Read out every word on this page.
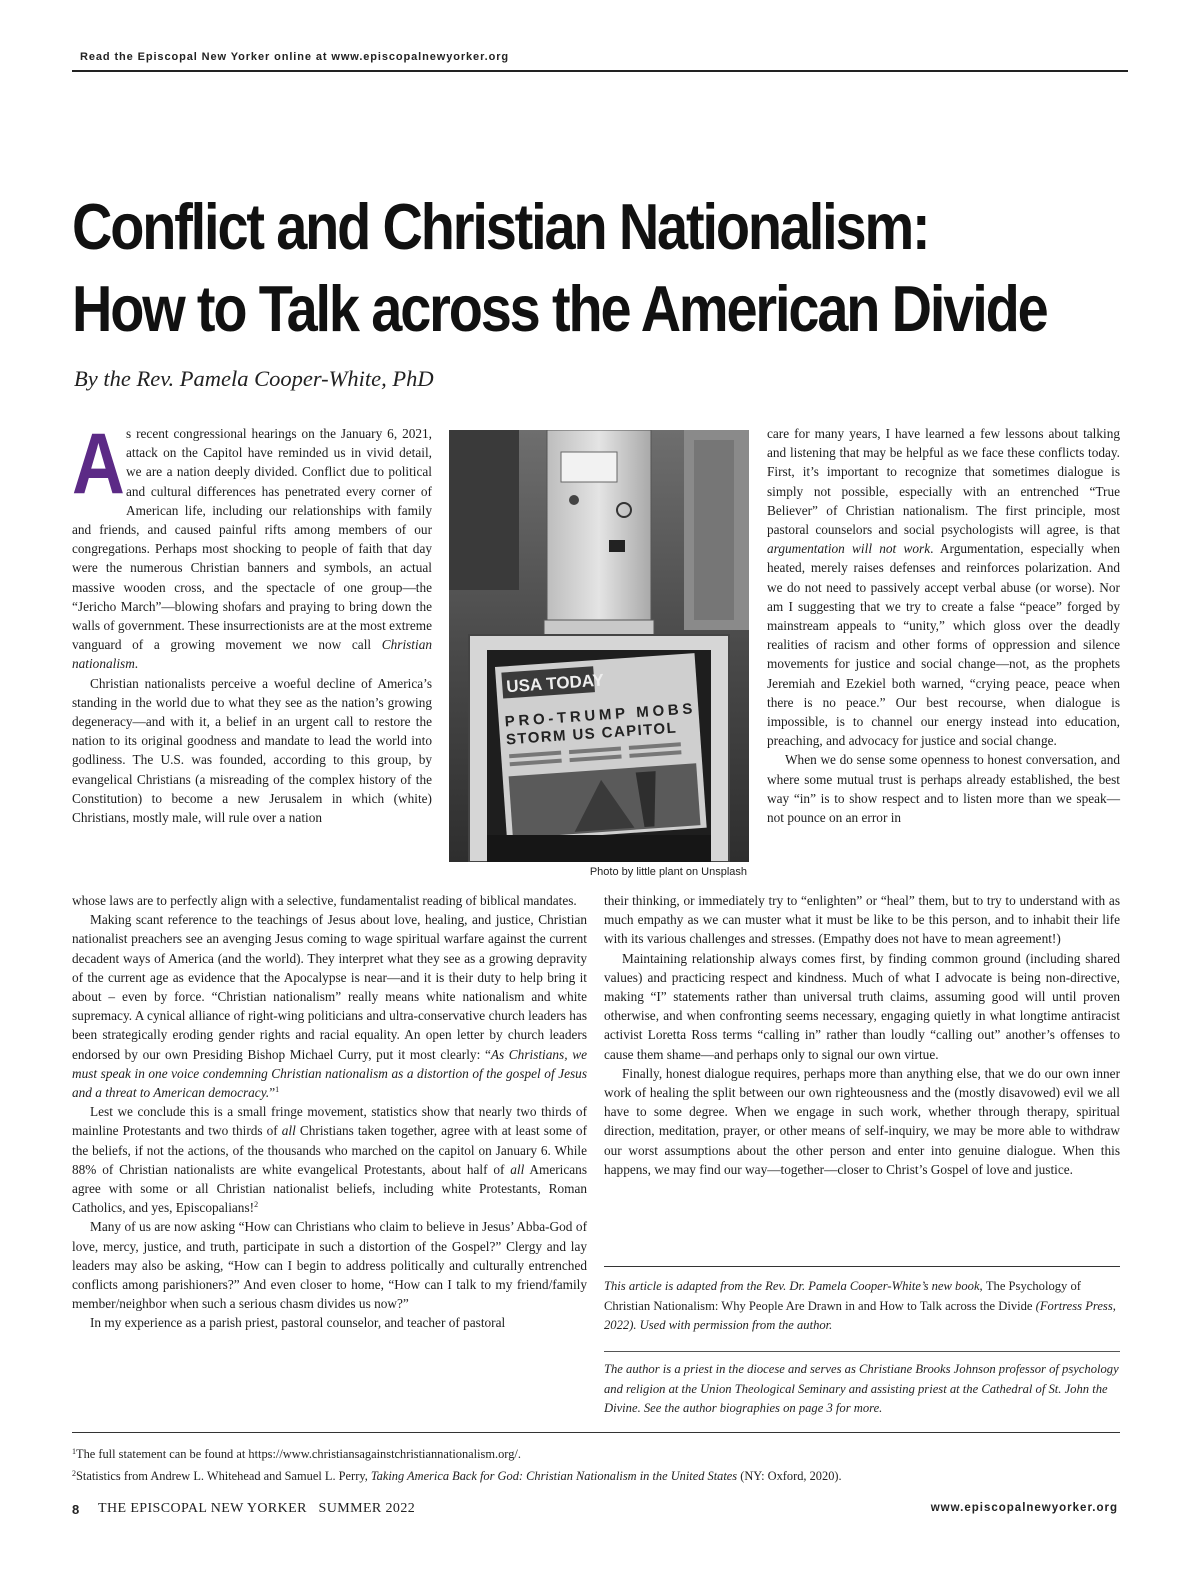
Read the Episcopal New Yorker online at www.episcopalnewyorker.org
Conflict and Christian Nationalism:
How to Talk across the American Divide

By the Rev. Pamela Cooper-White, PhD

As recent congressional hearings on the January 6, 2021, attack on the Capitol have reminded us in vivid detail, we are a nation deeply divided. Conflict due to political and cultural differences has penetrated every corner of American life, including our relationships with family and friends, and caused painful rifts among members of our congregations. Perhaps most shocking to people of faith that day were the numerous Christian banners and symbols, an actual massive wooden cross, and the spectacle of one group—the “Jericho March”—blowing shofars and praying to bring down the walls of government. These insurrectionists are at the most extreme vanguard of a growing movement we now call Christian nationalism.

Christian nationalists perceive a woeful decline of America’s standing in the world due to what they see as the nation’s growing degeneracy—and with it, a belief in an urgent call to restore the nation to its original goodness and mandate to lead the world into godliness. The U.S. was founded, according to this group, by evangelical Christians (a misreading of the complex history of the Constitution) to become a new Jerusalem in which (white) Christians, mostly male, will rule over a nation

whose laws are to perfectly align with a selective, fundamentalist reading of biblical mandates.

Making scant reference to the teachings of Jesus about love, healing, and justice, Christian nationalist preachers see an avenging Jesus coming to wage spiritual warfare against the current decadent ways of America (and the world). They interpret what they see as a growing depravity of the current age as evidence that the Apocalypse is near—and it is their duty to help bring it about – even by force. “Christian nationalism” really means white nationalism and white supremacy. A cynical alliance of right-wing politicians and ultra-conservative church leaders has been strategically eroding gender rights and racial equality. An open letter by church leaders endorsed by our own Presiding Bishop Michael Curry, put it most clearly: “As Christians, we must speak in one voice condemning Christian nationalism as a distortion of the gospel of Jesus and a threat to American democracy.”$^1$

Lest we conclude this is a small fringe movement, statistics show that nearly two thirds of mainline Protestants and two thirds of all Christians taken together, agree with at least some of the beliefs, if not the actions, of the thousands who marched on the capitol on January 6. While 88% of Christian nationalists are white evangelical Protestants, about half of all Americans agree with some or all Christian nationalist beliefs, including white Protestants, Roman Catholics, and yes, Episcopalians!$^2$

Many of us are now asking “How can Christians who claim to believe in Jesus’ Abba-God of love, mercy, justice, and truth, participate in such a distortion of the Gospel?” Clergy and lay leaders may also be asking, “How can I begin to address politically and culturally entrenched conflicts among parishioners?” And even closer to home, “How can I talk to my friend/family member/neighbor when such a serious chasm divides us now?”

In my experience as a parish priest, pastoral counselor, and teacher of pastoral

USA TODAY
PRO-TRUMP MOBS
STORM US CAPITOL
Photo by little plant on Unsplash

care for many years, I have learned a few lessons about talking and listening that may be helpful as we face these conflicts today. First, it’s important to recognize that sometimes dialogue is simply not possible, especially with an entrenched “True Believer” of Christian nationalism. The first principle, most pastoral counselors and social psychologists will agree, is that argumentation will not work. Argumentation, especially when heated, merely raises defenses and reinforces polarization. And we do not need to passively accept verbal abuse (or worse). Nor am I suggesting that we try to create a false “peace” forged by mainstream appeals to “unity,” which gloss over the deadly realities of racism and other forms of oppression and silence movements for justice and social change—not, as the prophets Jeremiah and Ezekiel both warned, “crying peace, peace when there is no peace.” Our best recourse, when dialogue is impossible, is to channel our energy instead into education, preaching, and advocacy for justice and social change.

When we do sense some openness to honest conversation, and where some mutual trust is perhaps already established, the best way “in” is to show respect and to listen more than we speak—not pounce on an error in

their thinking, or immediately try to “enlighten” or “heal” them, but to try to understand with as much empathy as we can muster what it must be like to be this person, and to inhabit their life with its various challenges and stresses. (Empathy does not have to mean agreement!)

Maintaining relationship always comes first, by finding common ground (including shared values) and practicing respect and kindness. Much of what I advocate is being non-directive, making “I” statements rather than universal truth claims, assuming good will until proven otherwise, and when confronting seems necessary, engaging quietly in what longtime antiracist activist Loretta Ross terms “calling in” rather than loudly “calling out” another’s offenses to cause them shame—and perhaps only to signal our own virtue.

Finally, honest dialogue requires, perhaps more than anything else, that we do our own inner work of healing the split between our own righteousness and the (mostly disavowed) evil we all have to some degree. When we engage in such work, whether through therapy, spiritual direction, meditation, prayer, or other means of self-inquiry, we may be more able to withdraw our worst assumptions about the other person and enter into genuine dialogue. When this happens, we may find our way—together—closer to Christ’s Gospel of love and justice.

This article is adapted from the Rev. Dr. Pamela Cooper-White’s new book, The Psychology of Christian Nationalism: Why People Are Drawn in and How to Talk across the Divide (Fortress Press, 2022). Used with permission from the author.
The author is a priest in the diocese and serves as Christiane Brooks Johnson professor of psychology and religion at the Union Theological Seminary and assisting priest at the Cathedral of St. John the Divine. See the author biographies on page 3 for more.
$^1$The full statement can be found at https://www.christiansagainstchristiannationalism.org/.
$^2$Statistics from Andrew L. Whitehead and Samuel L. Perry, Taking America Back for God: Christian Nationalism in the United States (NY: Oxford, 2020).
8 THE EPISCOPAL NEW YORKER   SUMMER 2022	www.episcopalnewyorker.org
